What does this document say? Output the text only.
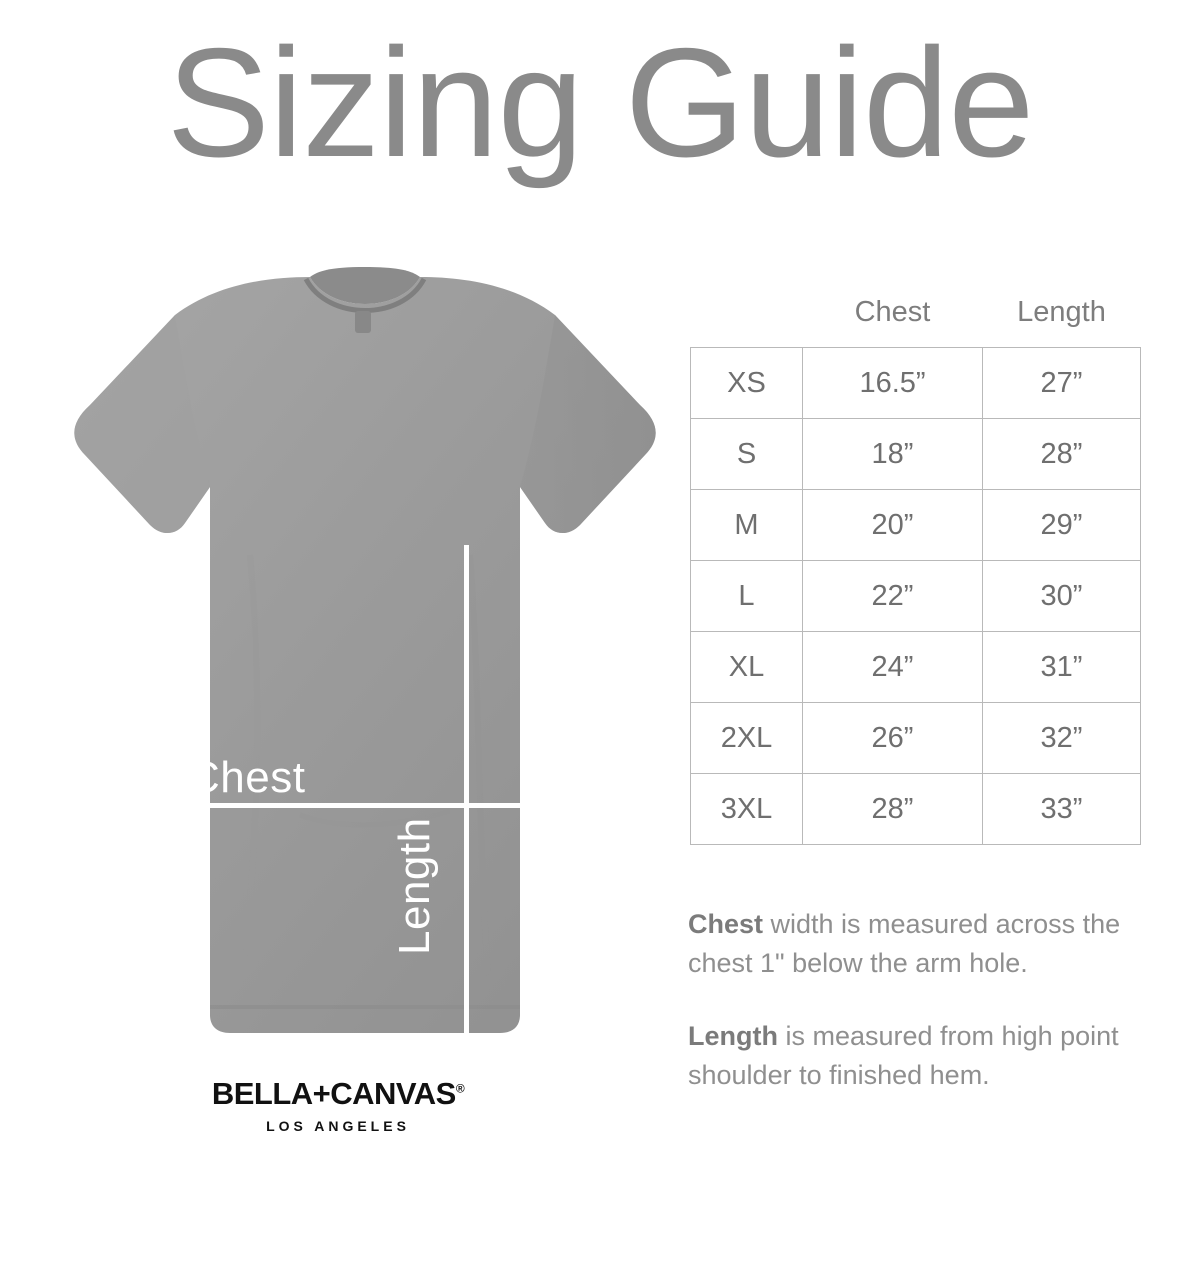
Sizing Guide
Chest
Length
BELLA+CANVAS®
LOS ANGELES
	Chest	Length
XS	16.5”	27”
S	18”	28”
M	20”	29”
L	22”	30”
XL	24”	31”
2XL	26”	32”
3XL	28”	33”

Chest width is measured across the chest 1" below the arm hole.

Length is measured from high point shoulder to finished hem.
